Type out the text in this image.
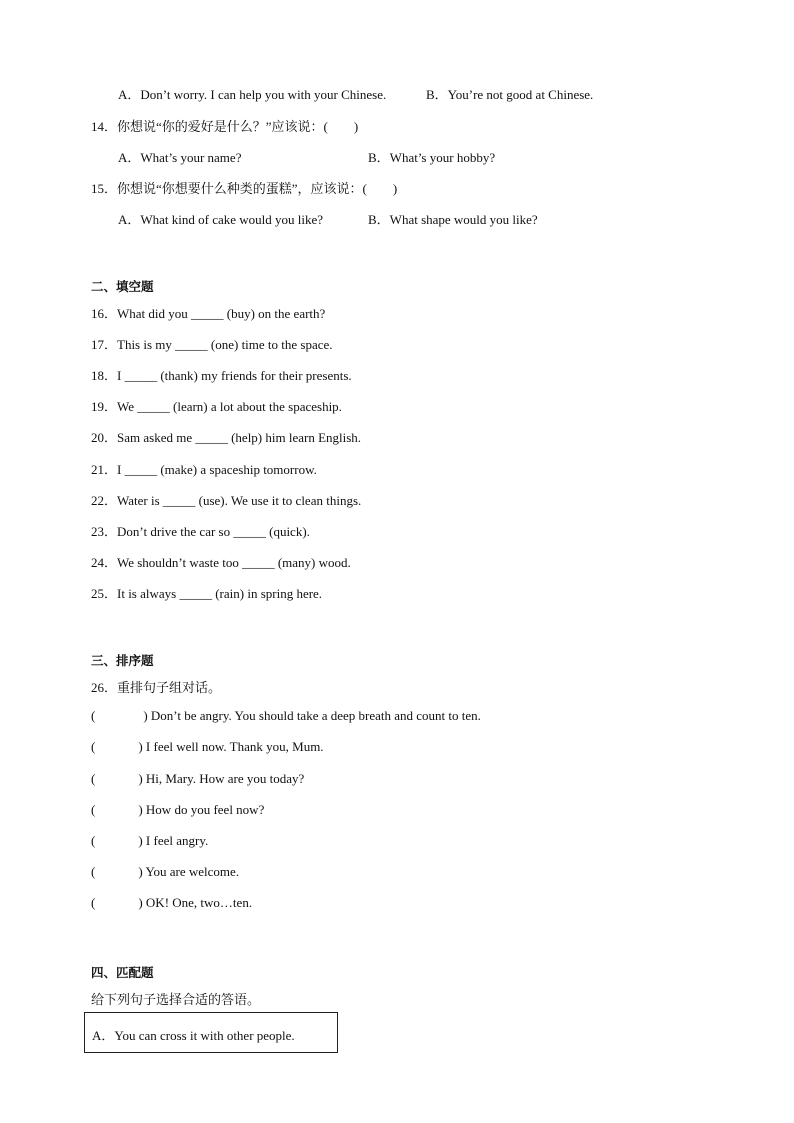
A．Don’t worry. I can help you with your Chinese.	B．You’re not good at Chinese.
14．你想说“你的爱好是什么？”应该说：(　　)
A．What’s your name?	B．What’s your hobby?
15．你想说“你想要什么种类的蛋糕”，应该说：(　　)
A．What kind of cake would you like?	B．What shape would you like?
二、填空题
16．What did you _____ (buy) on the earth?
17．This is my _____ (one) time to the space.
18．I _____ (thank) my friends for their presents.
19．We _____ (learn) a lot about the spaceship.
20．Sam asked me _____ (help) him learn English.
21．I _____ (make) a spaceship tomorrow.
22．Water is _____ (use). We use it to clean things.
23．Don’t drive the car so _____ (quick).
24．We shouldn’t waste too _____ (many) wood.
25．It is always _____ (rain) in spring here.
三、排序题
26．重排句子组对话。
(	) Don’t be angry. You should take a deep breath and count to ten.
(	) I feel well now. Thank you, Mum.
(	) Hi, Mary. How are you today?
(	) How do you feel now?
(	) I feel angry.
(	) You are welcome.
(	) OK! One, two…ten.
四、匹配题
给下列句子选择合适的答语。
A．You can cross it with other people.
